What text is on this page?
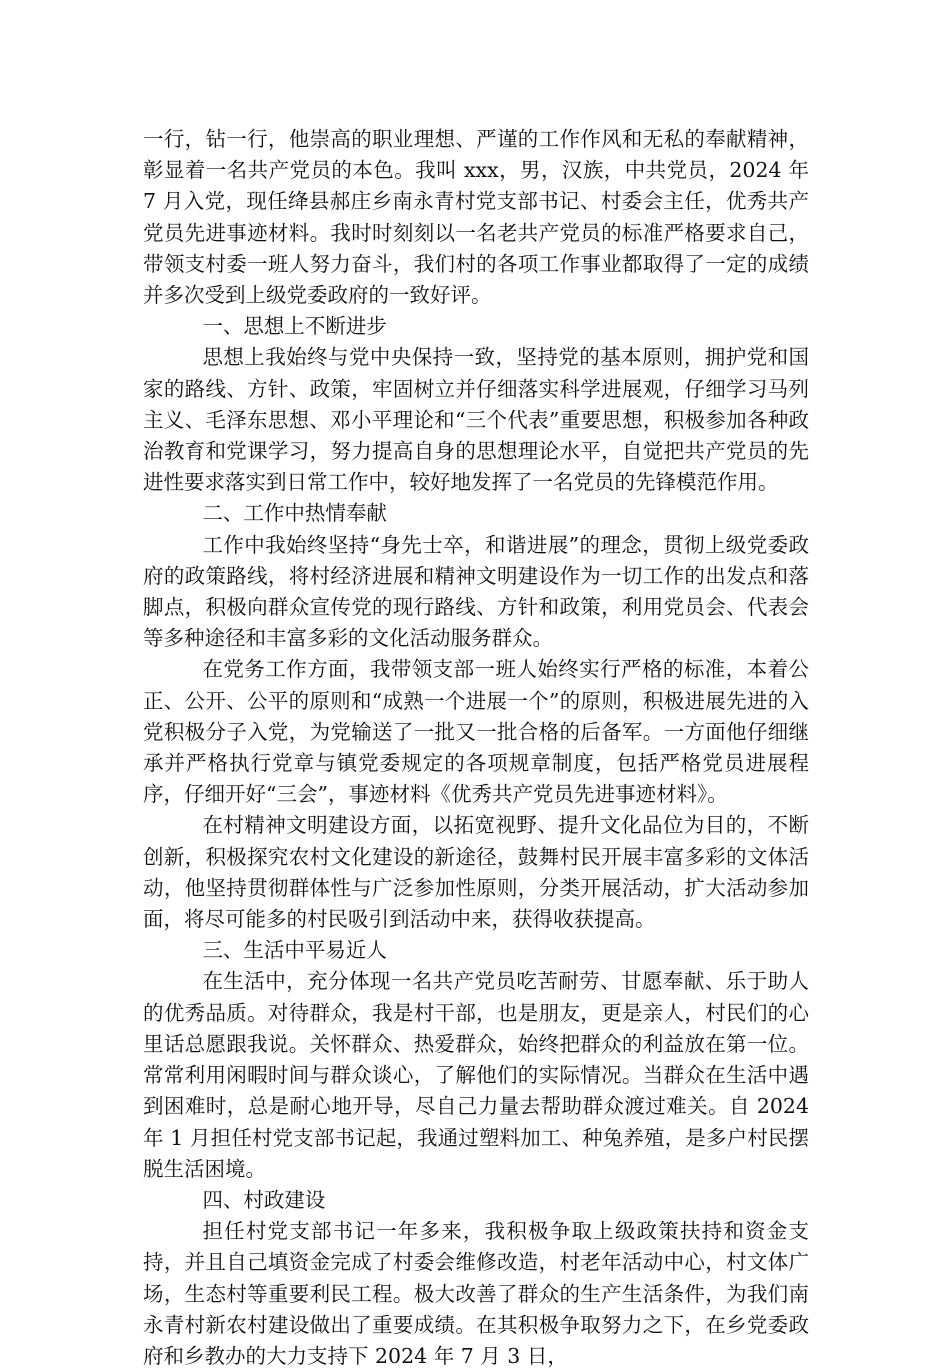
一行，钻一行，他崇高的职业理想、严谨的工作作风和无私的奉献精神，彰显着一名共产党员的本色。我叫 xxx，男，汉族，中共党员，2024 年 7 月入党，现任绛县郝庄乡南永青村党支部书记、村委会主任，优秀共产党员先进事迹材料。我时时刻刻以一名老共产党员的标准严格要求自己，带领支村委一班人努力奋斗，我们村的各项工作事业都取得了一定的成绩并多次受到上级党委政府的一致好评。

一、思想上不断进步

思想上我始终与党中央保持一致，坚持党的基本原则，拥护党和国家的路线、方针、政策，牢固树立并仔细落实科学进展观，仔细学习马列主义、毛泽东思想、邓小平理论和“三个代表”重要思想，积极参加各种政治教育和党课学习，努力提高自身的思想理论水平，自觉把共产党员的先进性要求落实到日常工作中，较好地发挥了一名党员的先锋模范作用。

二、工作中热情奉献

工作中我始终坚持“身先士卒，和谐进展”的理念，贯彻上级党委政府的政策路线，将村经济进展和精神文明建设作为一切工作的出发点和落脚点，积极向群众宣传党的现行路线、方针和政策，利用党员会、代表会等多种途径和丰富多彩的文化活动服务群众。

在党务工作方面，我带领支部一班人始终实行严格的标准，本着公正、公开、公平的原则和“成熟一个进展一个”的原则，积极进展先进的入党积极分子入党，为党输送了一批又一批合格的后备军。一方面他仔细继承并严格执行党章与镇党委规定的各项规章制度，包括严格党员进展程序，仔细开好“三会”，事迹材料《优秀共产党员先进事迹材料》。

在村精神文明建设方面，以拓宽视野、提升文化品位为目的，不断创新，积极探究农村文化建设的新途径，鼓舞村民开展丰富多彩的文体活动，他坚持贯彻群体性与广泛参加性原则，分类开展活动，扩大活动参加面，将尽可能多的村民吸引到活动中来，获得收获提高。

三、生活中平易近人

在生活中，充分体现一名共产党员吃苦耐劳、甘愿奉献、乐于助人的优秀品质。对待群众，我是村干部，也是朋友，更是亲人，村民们的心里话总愿跟我说。关怀群众、热爱群众，始终把群众的利益放在第一位。常常利用闲暇时间与群众谈心，了解他们的实际情况。当群众在生活中遇到困难时，总是耐心地开导，尽自己力量去帮助群众渡过难关。自 2024 年 1 月担任村党支部书记起，我通过塑料加工、种兔养殖，是多户村民摆脱生活困境。

四、村政建设

担任村党支部书记一年多来，我积极争取上级政策扶持和资金支持，并且自己填资金完成了村委会维修改造，村老年活动中心，村文体广场，生态村等重要利民工程。极大改善了群众的生产生活条件，为我们南永青村新农村建设做出了重要成绩。在其积极争取努力之下，在乡党委政府和乡教办的大力支持下 2024 年 7 月 3 日，
